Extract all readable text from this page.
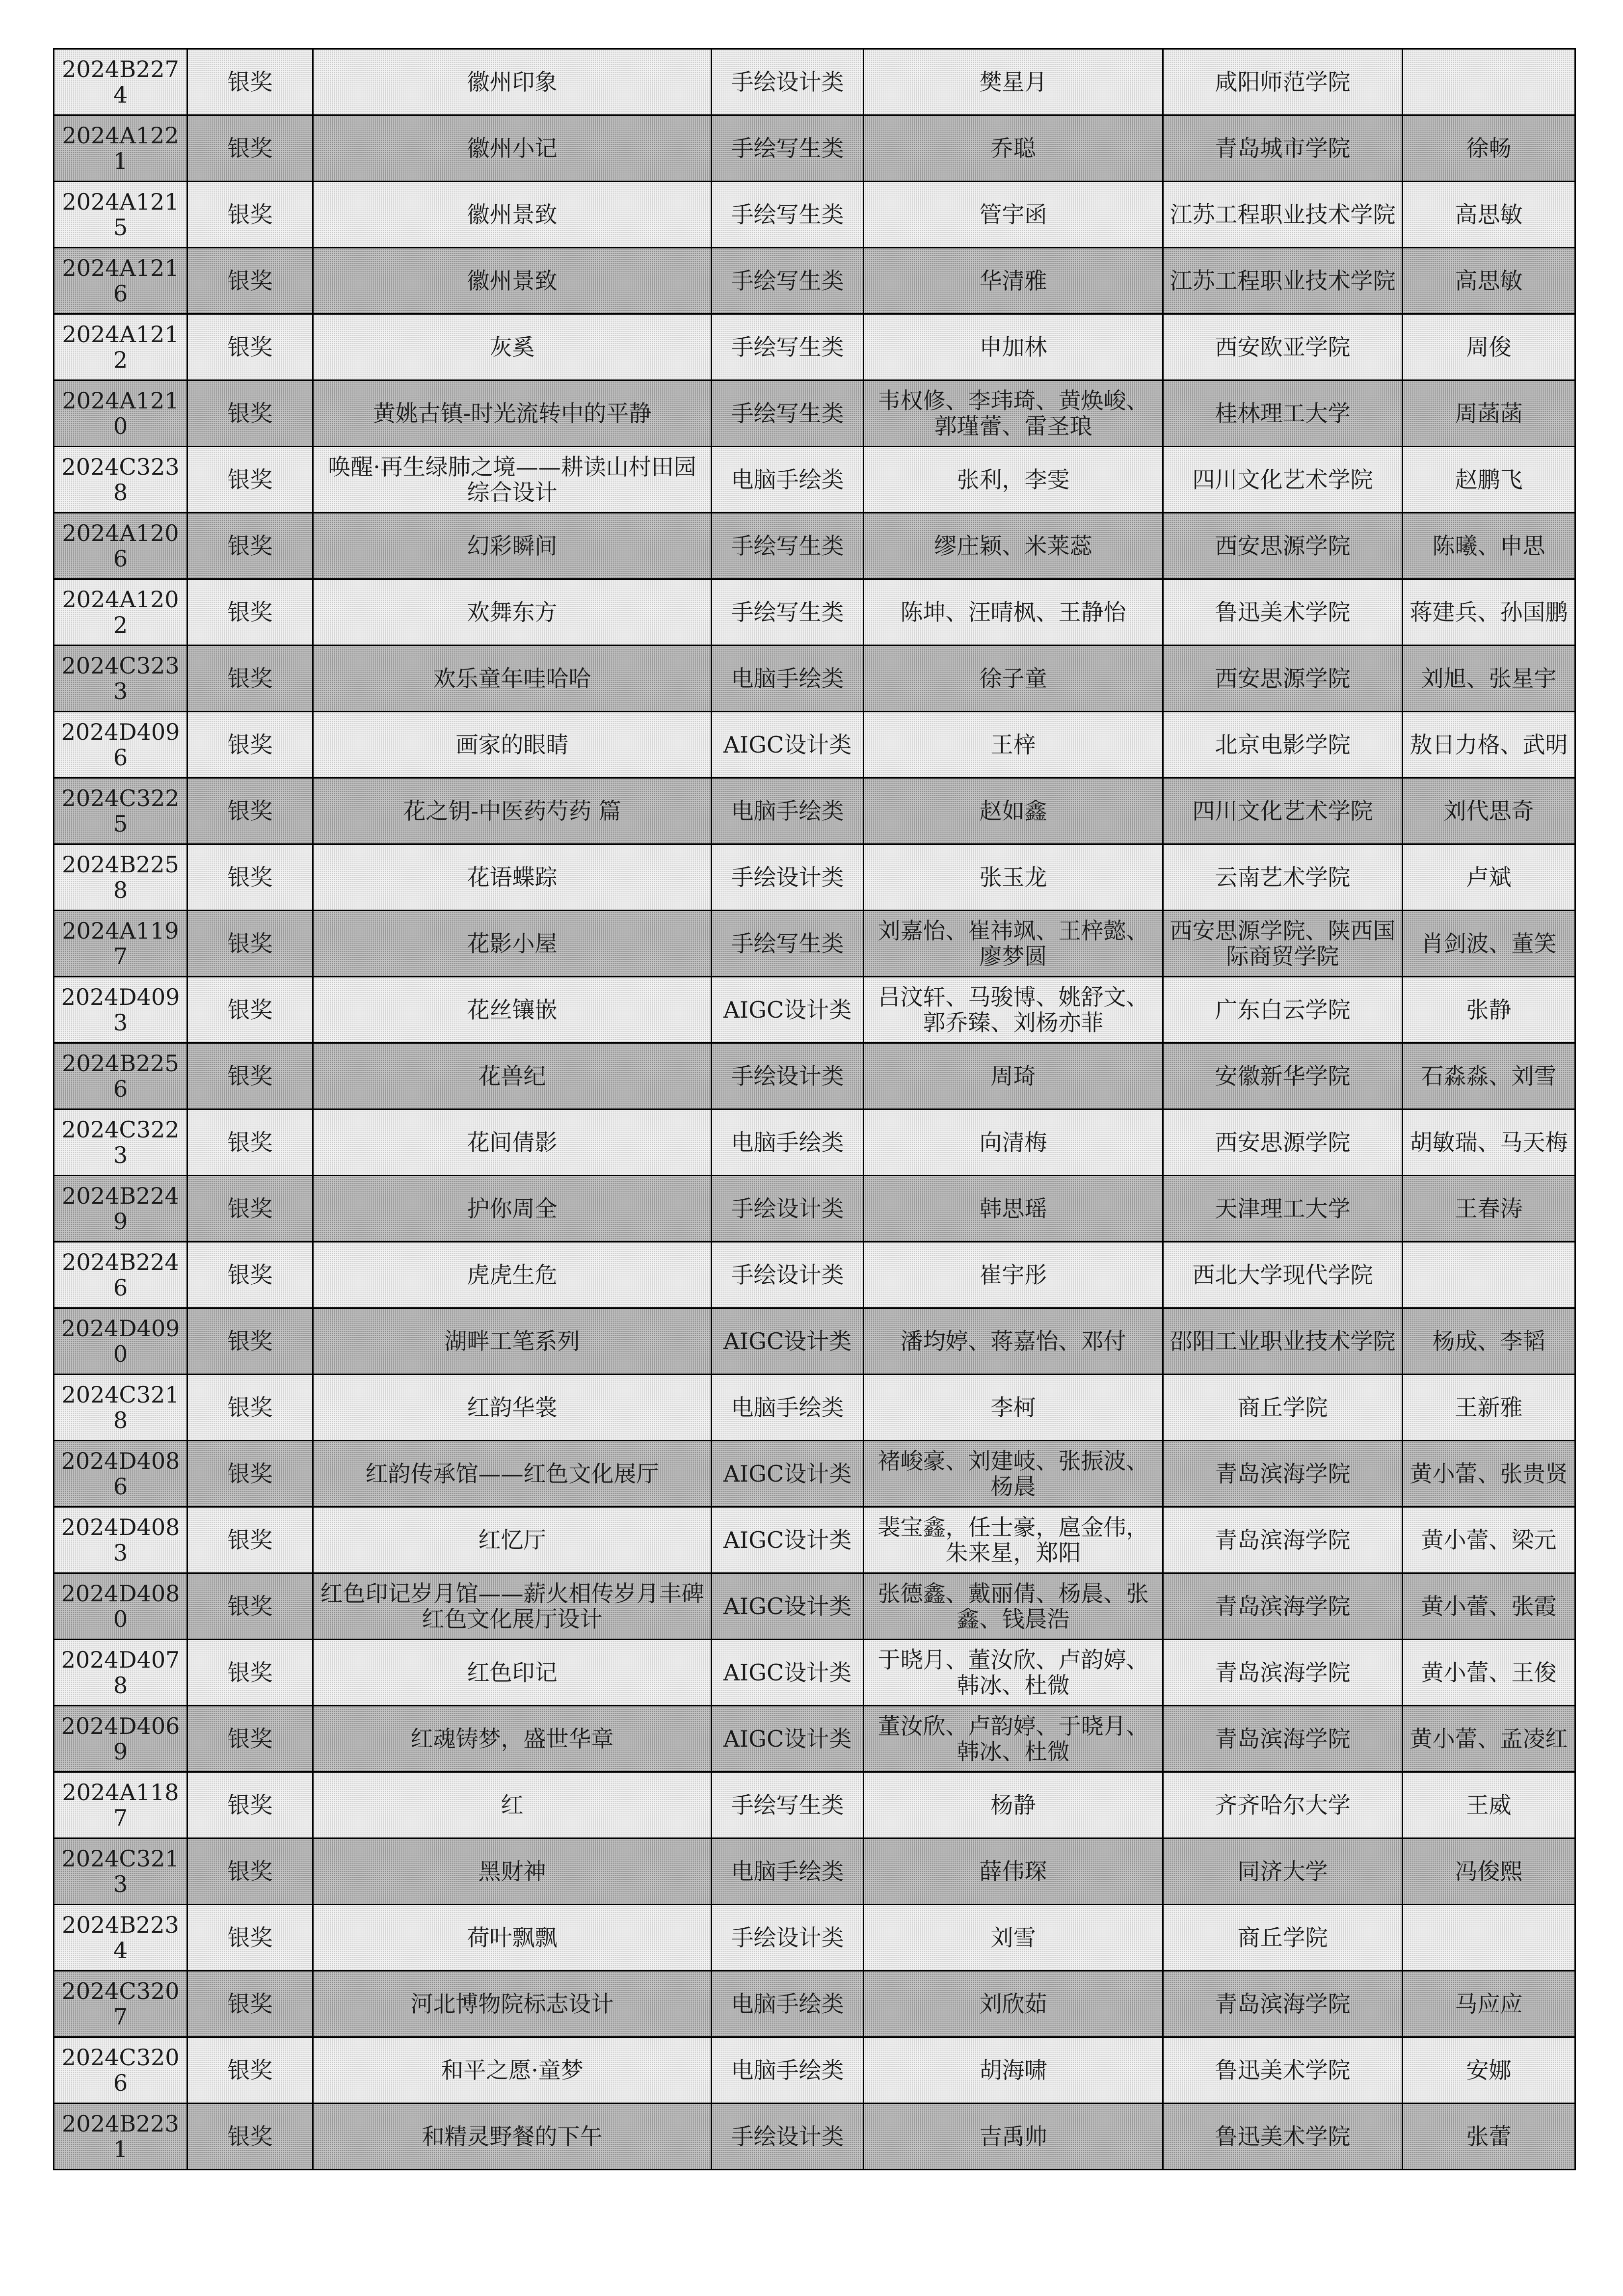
2024B2274	银奖	徽州印象	手绘设计类	樊星月	咸阳师范学院	
2024A1221	银奖	徽州小记	手绘写生类	乔聪	青岛城市学院	徐畅
2024A1215	银奖	徽州景致	手绘写生类	管宇函	江苏工程职业技术学院	高思敏
2024A1216	银奖	徽州景致	手绘写生类	华清雅	江苏工程职业技术学院	高思敏
2024A1212	银奖	灰奚	手绘写生类	申加林	西安欧亚学院	周俊
2024A1210	银奖	黄姚古镇-时光流转中的平静	手绘写生类	韦权修、李玮琦、黄焕峻、郭瑾蕾、雷圣琅	桂林理工大学	周菡菡
2024C3238	银奖	唤醒·再生绿肺之境——耕读山村田园综合设计	电脑手绘类	张利，李雯	四川文化艺术学院	赵鹏飞
2024A1206	银奖	幻彩瞬间	手绘写生类	缪庄颖、米莱蕊	西安思源学院	陈曦、申思
2024A1202	银奖	欢舞东方	手绘写生类	陈坤、汪晴枫、王静怡	鲁迅美术学院	蒋建兵、孙国鹏
2024C3233	银奖	欢乐童年哇哈哈	电脑手绘类	徐子童	西安思源学院	刘旭、张星宇
2024D4096	银奖	画家的眼睛	AIGC设计类	王梓	北京电影学院	敖日力格、武明
2024C3225	银奖	花之钥-中医药芍药 篇	电脑手绘类	赵如鑫	四川文化艺术学院	刘代思奇
2024B2258	银奖	花语蝶踪	手绘设计类	张玉龙	云南艺术学院	卢斌
2024A1197	银奖	花影小屋	手绘写生类	刘嘉怡、崔祎飒、王梓懿、廖梦圆	西安思源学院、陕西国际商贸学院	肖剑波、董笑
2024D4093	银奖	花丝镶嵌	AIGC设计类	吕汶轩、马骏博、姚舒文、郭乔臻、刘杨亦菲	广东白云学院	张静
2024B2256	银奖	花兽纪	手绘设计类	周琦	安徽新华学院	石淼淼、刘雪
2024C3223	银奖	花间倩影	电脑手绘类	向清梅	西安思源学院	胡敏瑞、马天梅
2024B2249	银奖	护你周全	手绘设计类	韩思瑶	天津理工大学	王春涛
2024B2246	银奖	虎虎生危	手绘设计类	崔宇彤	西北大学现代学院	
2024D4090	银奖	湖畔工笔系列	AIGC设计类	潘均婷、蒋嘉怡、邓付	邵阳工业职业技术学院	杨成、李韬
2024C3218	银奖	红韵华裳	电脑手绘类	李柯	商丘学院	王新雅
2024D4086	银奖	红韵传承馆——红色文化展厅	AIGC设计类	褚峻豪、刘建岐、张振波、杨晨	青岛滨海学院	黄小蕾、张贵贤
2024D4083	银奖	红忆厅	AIGC设计类	裴宝鑫，任士豪，扈金伟，朱来星，郑阳	青岛滨海学院	黄小蕾、梁元
2024D4080	银奖	红色印记岁月馆——薪火相传岁月丰碑红色文化展厅设计	AIGC设计类	张德鑫、戴丽倩、杨晨、张鑫、钱晨浩	青岛滨海学院	黄小蕾、张霞
2024D4078	银奖	红色印记	AIGC设计类	于晓月、董汝欣、卢韵婷、韩冰、杜微	青岛滨海学院	黄小蕾、王俊
2024D4069	银奖	红魂铸梦，盛世华章	AIGC设计类	董汝欣、卢韵婷、于晓月、韩冰、杜微	青岛滨海学院	黄小蕾、孟凌红
2024A1187	银奖	红	手绘写生类	杨静	齐齐哈尔大学	王威
2024C3213	银奖	黑财神	电脑手绘类	薛伟琛	同济大学	冯俊熙
2024B2234	银奖	荷叶飘飘	手绘设计类	刘雪	商丘学院	
2024C3207	银奖	河北博物院标志设计	电脑手绘类	刘欣茹	青岛滨海学院	马应应
2024C3206	银奖	和平之愿·童梦	电脑手绘类	胡海啸	鲁迅美术学院	安娜
2024B2231	银奖	和精灵野餐的下午	手绘设计类	吉禹帅	鲁迅美术学院	张蕾
